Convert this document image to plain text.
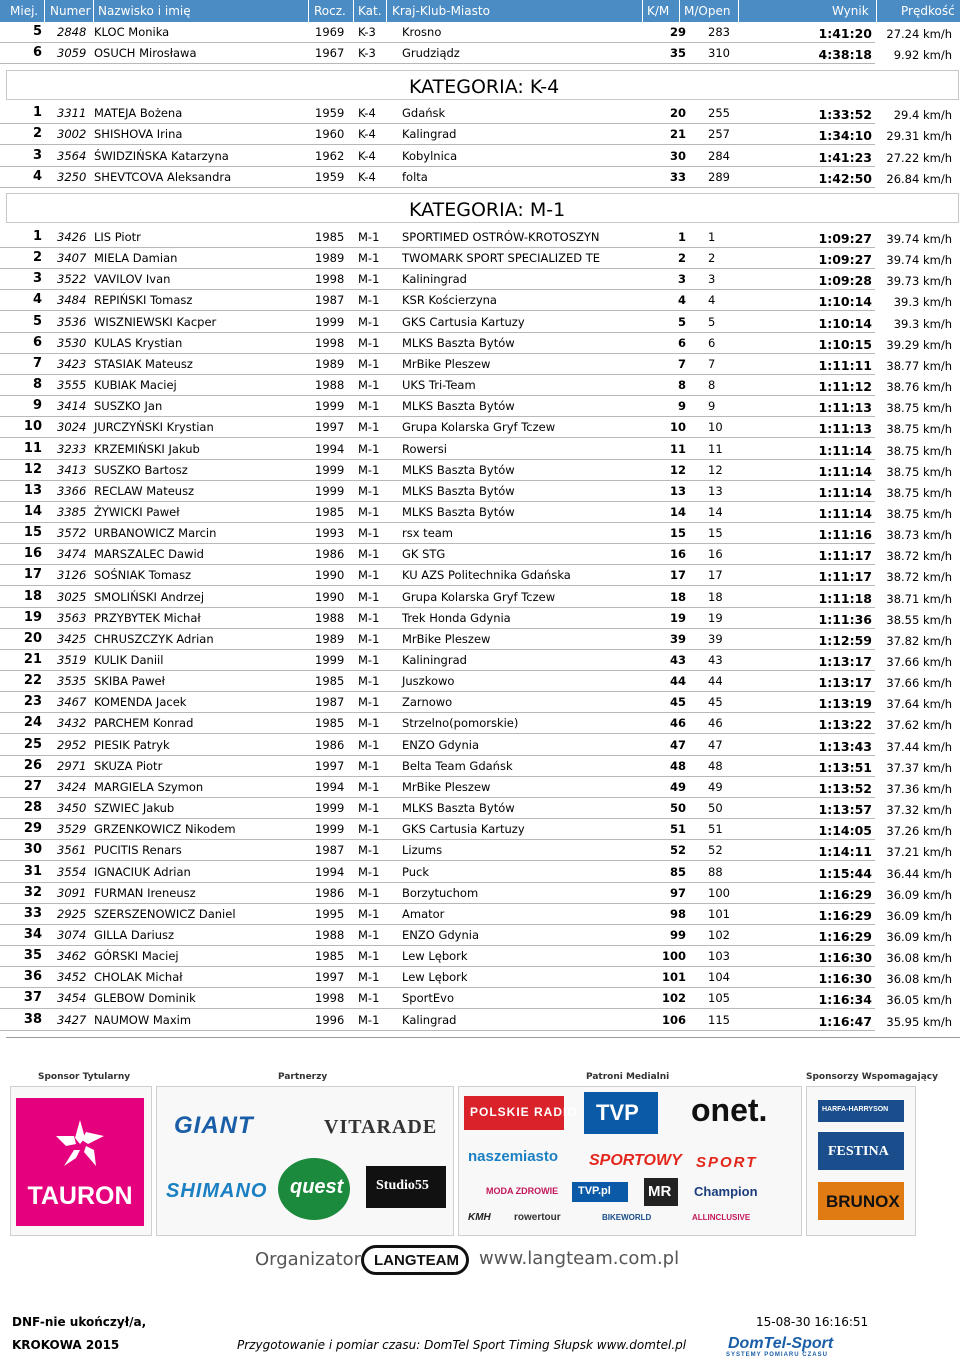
Miej. Numer Nazwisko i imię	Rocz. Kat. Kraj-Klub-Miasto	K/M M/Open	Wynik	Prędkość
5 2848 KLOC Monika	1969 K-3 Krosno	29 283	1:41:20	27.24 km/h
6 3059 OSUCH Mirosława	1967 K-3 Grudziądz	35 310	4:38:18	9.92 km/h
1 3311 MATEJA Bożena	1959 K-4 Gdańsk	20 255	1:33:52	29.4 km/h
2 3002 SHISHOVA Irina	1960 K-4 Kalingrad	21 257	1:34:10	29.31 km/h
3 3564 ŚWIDZIŃSKA Katarzyna	1962 K-4 Kobylnica	30 284	1:41:23	27.22 km/h
4 3250 SHEVTCOVA Aleksandra	1959 K-4 folta	33 289	1:42:50	26.84 km/h
1 3426 LIS Piotr	1985 M-1 SPORTIMED OSTRÓW-KROTOSZYN	1 1	1:09:27	39.74 km/h
2 3407 MIELA Damian	1989 M-1 TWOMARK SPORT SPECIALIZED TE	2 2	1:09:27	39.74 km/h
3 3522 VAVILOV Ivan	1998 M-1 Kaliningrad	3 3	1:09:28	39.73 km/h
4 3484 REPIŃSKI Tomasz	1987 M-1 KSR Kościerzyna	4 4	1:10:14	39.3 km/h
5 3536 WISZNIEWSKI Kacper	1999 M-1 GKS Cartusia Kartuzy	5 5	1:10:14	39.3 km/h
6 3530 KULAS Krystian	1998 M-1 MLKS Baszta Bytów	6 6	1:10:15	39.29 km/h
7 3423 STASIAK Mateusz	1989 M-1 MrBike Pleszew	7 7	1:11:11	38.77 km/h
8 3555 KUBIAK Maciej	1988 M-1 UKS Tri-Team	8 8	1:11:12	38.76 km/h
9 3414 SUSZKO Jan	1999 M-1 MLKS Baszta Bytów	9 9	1:11:13	38.75 km/h
10 3024 JURCZYŃSKI Krystian	1997 M-1 Grupa Kolarska Gryf Tczew	10 10	1:11:13	38.75 km/h
11 3233 KRZEMIŃSKI Jakub	1994 M-1 Rowersi	11 11	1:11:14	38.75 km/h
12 3413 SUSZKO Bartosz	1999 M-1 MLKS Baszta Bytów	12 12	1:11:14	38.75 km/h
13 3366 RECLAW Mateusz	1999 M-1 MLKS Baszta Bytów	13 13	1:11:14	38.75 km/h
14 3385 ŻYWICKI Paweł	1985 M-1 MLKS Baszta Bytów	14 14	1:11:14	38.75 km/h
15 3572 URBANOWICZ Marcin	1993 M-1 rsx team	15 15	1:11:16	38.73 km/h
16 3474 MARSZALEC Dawid	1986 M-1 GK STG	16 16	1:11:17	38.72 km/h
17 3126 SOŚNIAK Tomasz	1990 M-1 KU AZS Politechnika Gdańska	17 17	1:11:17	38.72 km/h
18 3025 SMOLIŃSKI Andrzej	1990 M-1 Grupa Kolarska Gryf Tczew	18 18	1:11:18	38.71 km/h
19 3563 PRZYBYTEK Michał	1988 M-1 Trek Honda Gdynia	19 19	1:11:36	38.55 km/h
20 3425 CHRUSZCZYK Adrian	1989 M-1 MrBike Pleszew	39 39	1:12:59	37.82 km/h
21 3519 KULIK Daniil	1999 M-1 Kaliningrad	43 43	1:13:17	37.66 km/h
22 3535 SKIBA Paweł	1985 M-1 Juszkowo	44 44	1:13:17	37.66 km/h
23 3467 KOMENDA Jacek	1987 M-1 Zarnowo	45 45	1:13:19	37.64 km/h
24 3432 PARCHEM Konrad	1985 M-1 Strzelno(pomorskie)	46 46	1:13:22	37.62 km/h
25 2952 PIESIK Patryk	1986 M-1 ENZO Gdynia	47 47	1:13:43	37.44 km/h
26 2971 SKUZA Piotr	1997 M-1 Belta Team Gdańsk	48 48	1:13:51	37.37 km/h
27 3424 MARGIELA Szymon	1994 M-1 MrBike Pleszew	49 49	1:13:52	37.36 km/h
28 3450 SZWIEC Jakub	1999 M-1 MLKS Baszta Bytów	50 50	1:13:57	37.32 km/h
29 3529 GRZENKOWICZ Nikodem	1999 M-1 GKS Cartusia Kartuzy	51 51	1:14:05	37.26 km/h
30 3561 PUCITIS Renars	1987 M-1 Lizums	52 52	1:14:11	37.21 km/h
31 3554 IGNACIUK Adrian	1994 M-1 Puck	85 88	1:15:44	36.44 km/h
32 3091 FURMAN Ireneusz	1986 M-1 Borzytuchom	97 100	1:16:29	36.09 km/h
33 2925 SZERSZENOWICZ Daniel	1995 M-1 Amator	98 101	1:16:29	36.09 km/h
34 3074 GILLA Dariusz	1988 M-1 ENZO Gdynia	99 102	1:16:29	36.09 km/h
35 3462 GÓRSKI Maciej	1985 M-1 Lew Lębork	100 103	1:16:30	36.08 km/h
36 3452 CHOLAK Michał	1997 M-1 Lew Lębork	101 104	1:16:30	36.08 km/h
37 3454 GLEBOW Dominik	1998 M-1 SportEvo	102 105	1:16:34	36.05 km/h
38 3427 NAUMOW Maxim	1996 M-1 Kalingrad	106 115	1:16:47	35.95 km/h
KATEGORIA: K-4
KATEGORIA: M-1
Sponsor Tytularny	Partnerzy	Patroni Medialni	Sponsorzy Wspomagający
TAURON
GIANT	VITARADE
SHIMANO quest Studio55
POLSKIE RADIO TVP onet.
naszemiasto SPORTOWY SPORT
MODA ZDROWIE TVP.pl MR Champion
KMH rowertour	BIKEWORLD	ALLINCLUSIVE
HARFA-HARRYSON
FESTINA
BRUNOX
Organizator LANGTEAM www.langteam.com.pl
DNF-nie ukończył/a,
KROKOWA 2015
15-08-30 16:16:51
Przygotowanie i pomiar czasu: DomTel Sport Timing Słupsk www.domtel.pl	DomTel-Sport
SYSTEMY POMIARU CZASU
